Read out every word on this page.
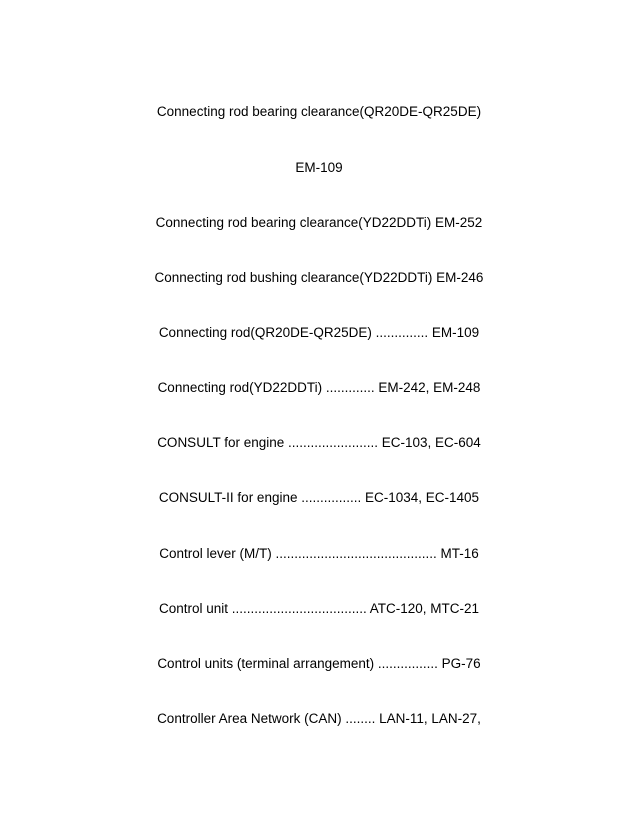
Connecting rod bearing clearance(QR20DE-QR25DE)
EM-109
Connecting rod bearing clearance(YD22DDTi) EM-252
Connecting rod bushing clearance(YD22DDTi) EM-246
Connecting rod(QR20DE-QR25DE) .............. EM-109
Connecting rod(YD22DDTi) ............. EM-242, EM-248
CONSULT for engine ........................ EC-103, EC-604
CONSULT-II for engine ................ EC-1034, EC-1405
Control lever (M/T) ........................................... MT-16
Control unit .................................... ATC-120, MTC-21
Control units (terminal arrangement) ................ PG-76
Controller Area Network (CAN) ........ LAN-11, LAN-27,
